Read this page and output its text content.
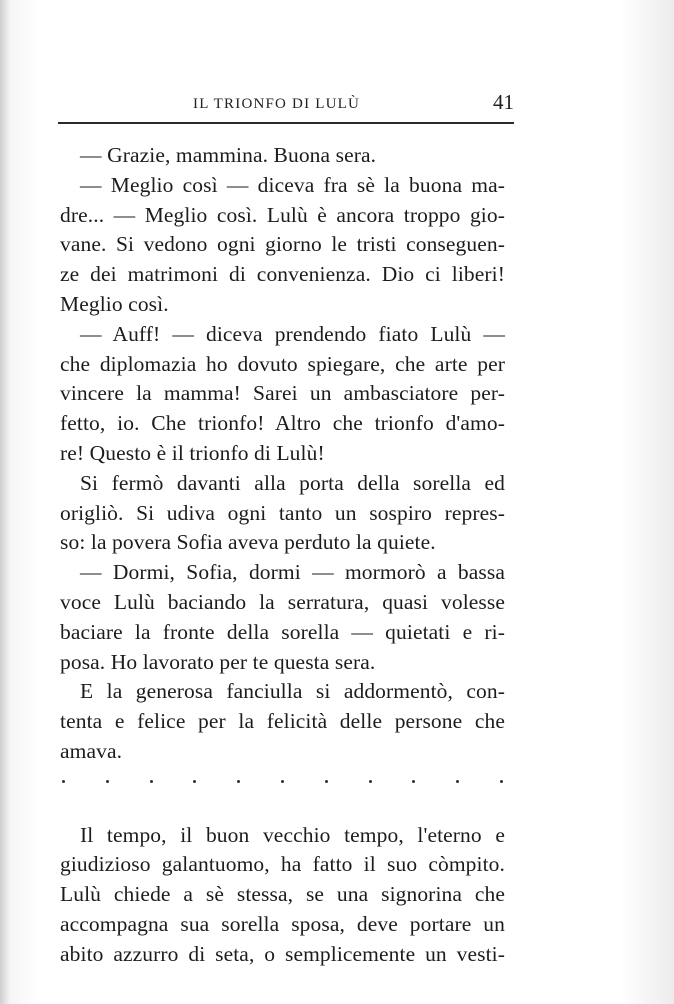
IL TRIONFO DI LULÙ	41
— Grazie, mammina. Buona sera.
— Meglio così — diceva fra sè la buona ma-
dre... — Meglio così. Lulù è ancora troppo gio-
vane. Si vedono ogni giorno le tristi conseguen-
ze dei matrimoni di convenienza. Dio ci liberi!
Meglio così.
— Auff! — diceva prendendo fiato Lulù —
che diplomazia ho dovuto spiegare, che arte per
vincere la mamma! Sarei un ambasciatore per-
fetto, io. Che trionfo! Altro che trionfo d'amo-
re! Questo è il trionfo di Lulù!
Si fermò davanti alla porta della sorella ed
origliò. Si udiva ogni tanto un sospiro repres-
so: la povera Sofia aveva perduto la quiete.
— Dormi, Sofia, dormi — mormorò a bassa
voce Lulù baciando la serratura, quasi volesse
baciare la fronte della sorella — quietati e ri-
posa. Ho lavorato per te questa sera.
E la generosa fanciulla si addormentò, con-
tenta e felice per la felicità delle persone che
amava.
Il tempo, il buon vecchio tempo, l'eterno e
giudizioso galantuomo, ha fatto il suo còmpito.
Lulù chiede a sè stessa, se una signorina che
accompagna sua sorella sposa, deve portare un
abito azzurro di seta, o semplicemente un vesti-
